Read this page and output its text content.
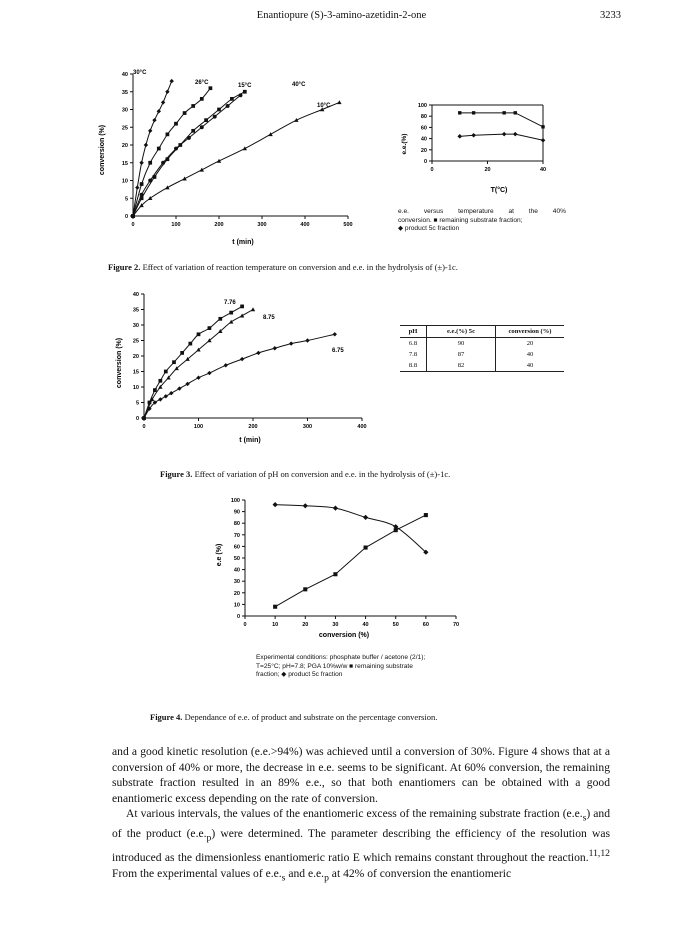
Enantiopure (S)-3-amino-azetidin-2-one	3233
0
5
10
15
20
25
30
35
40
0	100	200	300	400	500
30°C
26°C	15°C	40°C
10°C
t (min)
conversion (%)	0
20
40
60
80
100
0	20	40
T(°C)
e.e.(%)
e.e. versus temperature at the 40%
conversion. ■ remaining substrate fraction;
◆ product 5c fraction
Figure 2. Effect of variation of reaction temperature on conversion and e.e. in the hydrolysis of (±)-1c.
0
5
10
15
20
25
30
35
40
0	100	200	300	400
7.76
8.75
6.75
t (min)
conversion (%)
pH	e.e.(%) 5c	conversion (%)
6.8	90	20
7.8	87	40
8.8	82	40
Figure 3. Effect of variation of pH on conversion and e.e. in the hydrolysis of (±)-1c.
0
10
20
30
40
50
60
70
80
90
100
0	10	20	30	40	50	60	70
conversion (%)
e.e (%)
Experimental conditions: phosphate buffer / acetone (2/1);
T=25°C; pH=7.8; PGA 10%w/w ■ remaining substrate
fraction; ◆ product 5c fraction
Figure 4. Dependance of e.e. of product and substrate on the percentage conversion.

and a good kinetic resolution (e.e.>94%) was achieved until a conversion of 30%. Figure 4 shows that at a conversion of 40% or more, the decrease in e.e. seems to be significant. At 60% conversion, the remaining substrate fraction resulted in an 89% e.e., so that both enantiomers can be obtained with a good enantiomeric excess depending on the rate of conversion.

At various intervals, the values of the enantiomeric excess of the remaining substrate fraction $(e.e._s)$ and of the product $(e.e._p)$ were determined. The parameter describing the efficiency of the resolution was introduced as the dimensionless enantiomeric ratio E which remains constant throughout the reaction.$^{11,12}$ From the experimental values of $e.e._s$ and $e.e._p$ at 42% of conversion the enantiomeric
